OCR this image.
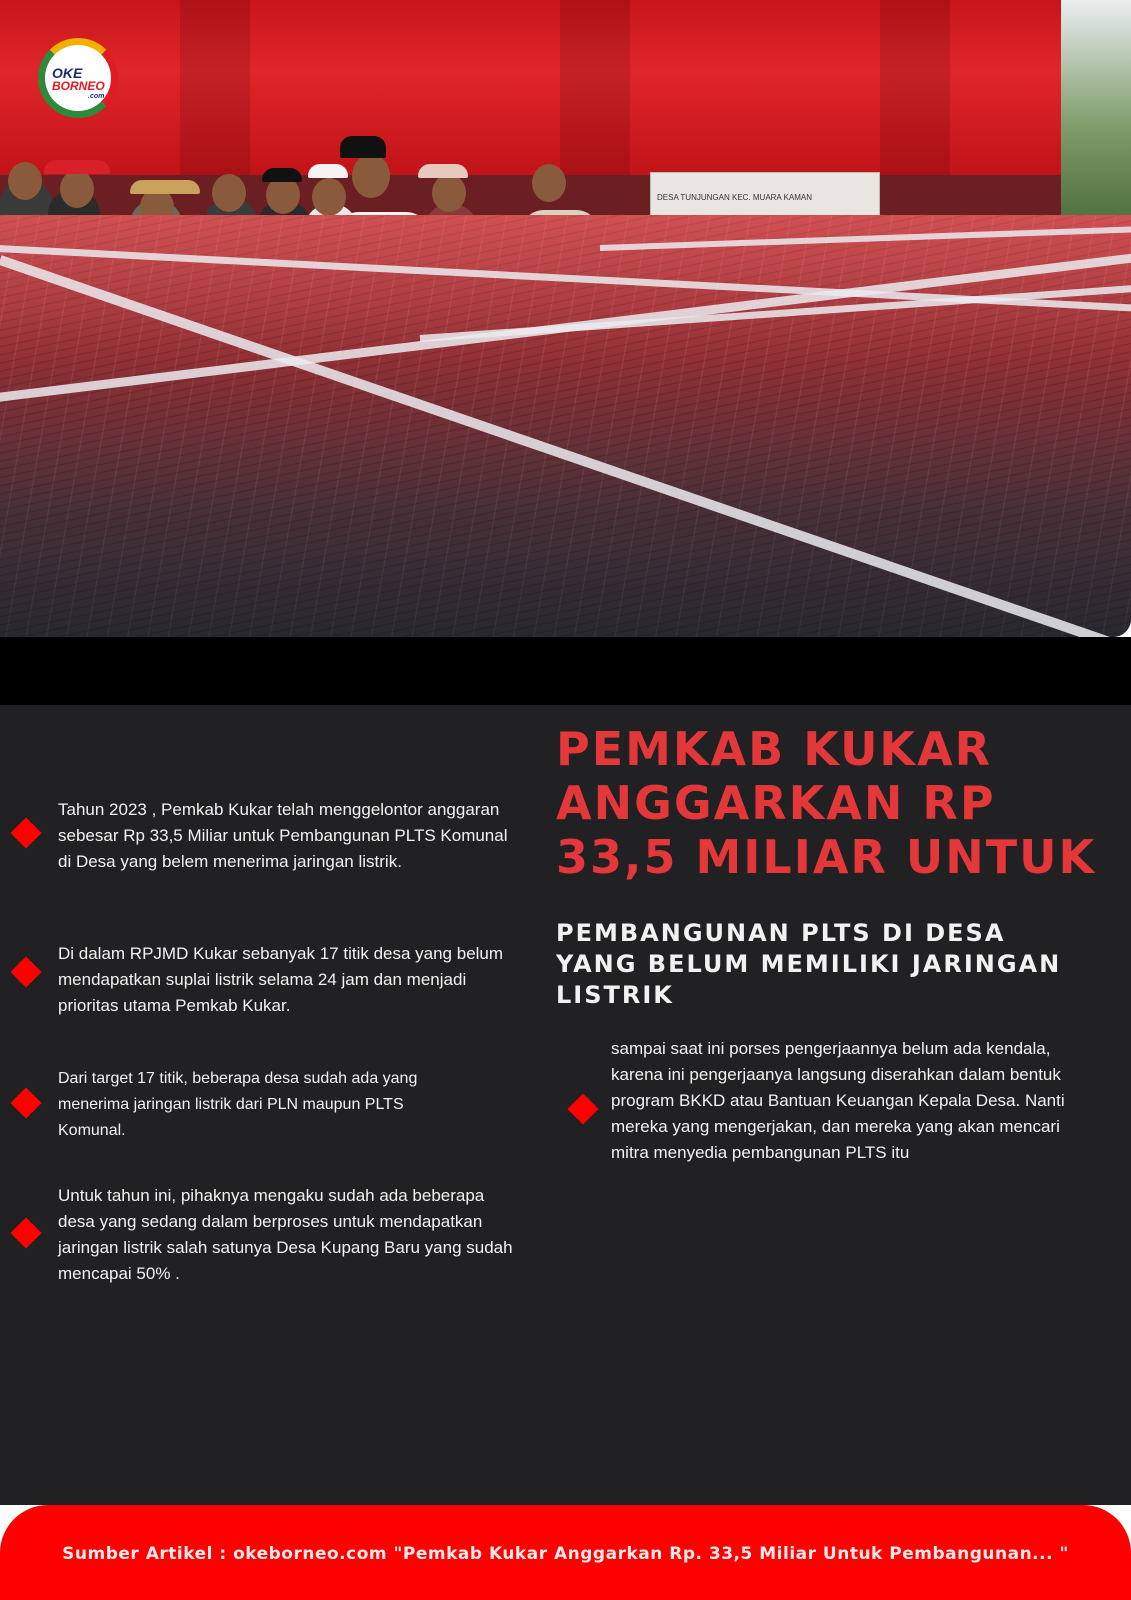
DESA TUNJUNGAN KEC. MUARA KAMAN
OKE
BORNEO
.com
Tahun 2023 , Pemkab Kukar telah menggelontor anggaran sebesar Rp 33,5 Miliar untuk Pembangunan PLTS Komunal di Desa yang belem menerima jaringan listrik.
Di dalam RPJMD Kukar sebanyak 17 titik desa yang belum mendapatkan suplai listrik selama 24 jam dan menjadi prioritas utama Pemkab Kukar.
Dari target 17 titik, beberapa desa sudah ada yang menerima jaringan listrik dari PLN maupun PLTS Komunal.
Untuk tahun ini, pihaknya mengaku sudah ada beberapa desa yang sedang dalam berproses untuk mendapatkan jaringan listrik salah satunya Desa Kupang Baru yang sudah mencapai 50% .
PEMKAB KUKAR ANGGARKAN RP 33,5 MILIAR UNTUK
PEMBANGUNAN PLTS DI DESA YANG BELUM MEMILIKI JARINGAN LISTRIK
sampai saat ini porses pengerjaannya belum ada kendala, karena ini pengerjaanya langsung diserahkan dalam bentuk program BKKD atau Bantuan Keuangan Kepala Desa. Nanti mereka yang mengerjakan, dan mereka yang akan mencari mitra menyedia pembangunan PLTS itu
Sumber Artikel : okeborneo.com "Pemkab Kukar Anggarkan Rp. 33,5 Miliar Untuk Pembangunan... "
